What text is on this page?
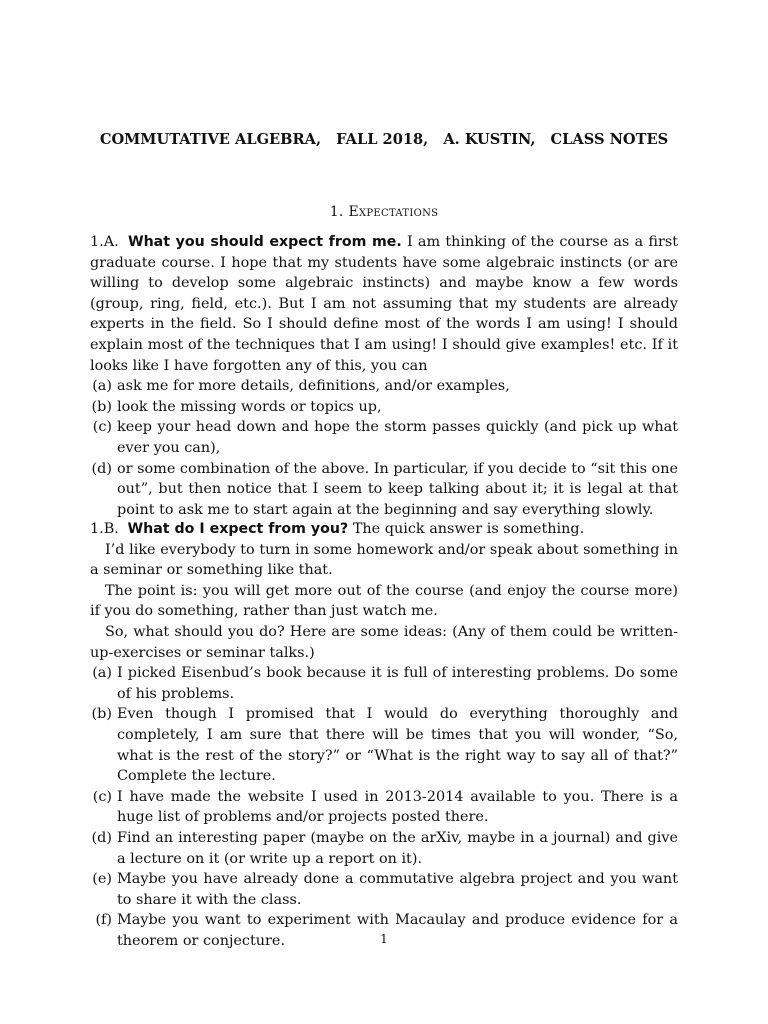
COMMUTATIVE ALGEBRA, FALL 2018, A. KUSTIN, CLASS NOTES
1. Expectations

1.A. What you should expect from me. I am thinking of the course as a first graduate course. I hope that my students have some algebraic instincts (or are willing to develop some algebraic instincts) and maybe know a few words (group, ring, field, etc.). But I am not assuming that my students are already experts in the field. So I should define most of the words I am using! I should explain most of the techniques that I am using! I should give examples! etc. If it looks like I have forgotten any of this, you can

(a) ask me for more details, definitions, and/or examples,
(b) look the missing words or topics up,
(c) keep your head down and hope the storm passes quickly (and pick up what ever you can),
(d) or some combination of the above. In particular, if you decide to “sit this one out”, but then notice that I seem to keep talking about it; it is legal at that point to ask me to start again at the beginning and say everything slowly.

1.B. What do I expect from you? The quick answer is something.

I’d like everybody to turn in some homework and/or speak about something in a seminar or something like that.

The point is: you will get more out of the course (and enjoy the course more) if you do something, rather than just watch me.

So, what should you do? Here are some ideas: (Any of them could be written-up-exercises or seminar talks.)

(a) I picked Eisenbud’s book because it is full of interesting problems. Do some of his problems.
(b) Even though I promised that I would do everything thoroughly and completely, I am sure that there will be times that you will wonder, “So, what is the rest of the story?” or “What is the right way to say all of that?” Complete the lecture.
(c) I have made the website I used in 2013-2014 available to you. There is a huge list of problems and/or projects posted there.
(d) Find an interesting paper (maybe on the arXiv, maybe in a journal) and give a lecture on it (or write up a report on it).
(e) Maybe you have already done a commutative algebra project and you want to share it with the class.
(f) Maybe you want to experiment with Macaulay and produce evidence for a theorem or conjecture.	1
